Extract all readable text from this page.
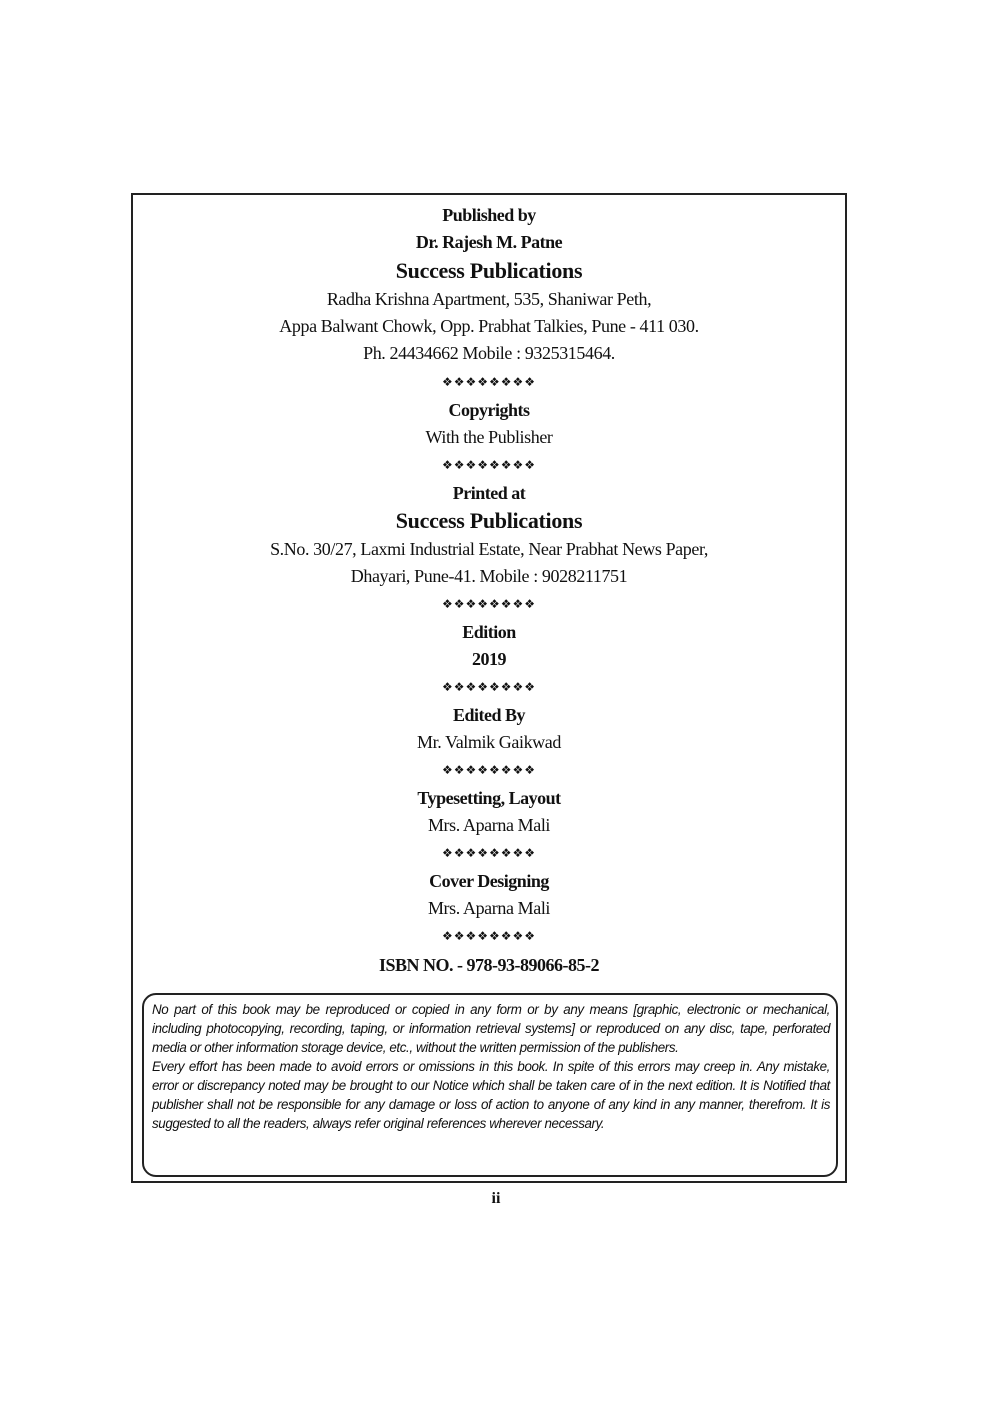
Published by
Dr. Rajesh M. Patne
Success Publications
Radha Krishna Apartment, 535, Shaniwar Peth,
Appa Balwant Chowk, Opp. Prabhat Talkies, Pune - 411 030.
Ph. 24434662 Mobile : 9325315464.
❖❖❖❖❖❖❖❖
Copyrights
With the Publisher
❖❖❖❖❖❖❖❖
Printed at
Success Publications
S.No. 30/27, Laxmi Industrial Estate, Near Prabhat News Paper,
Dhayari, Pune-41. Mobile : 9028211751
❖❖❖❖❖❖❖❖
Edition
2019
❖❖❖❖❖❖❖❖
Edited By
Mr. Valmik Gaikwad
❖❖❖❖❖❖❖❖
Typesetting, Layout
Mrs. Aparna Mali
❖❖❖❖❖❖❖❖
Cover Designing
Mrs. Aparna Mali
❖❖❖❖❖❖❖❖
ISBN NO. - 978-93-89066-85-2

No part of this book may be reproduced or copied in any form or by any means [graphic, electronic or mechanical, including photocopying, recording, taping, or information retrieval systems] or reproduced on any disc, tape, perforated media or other information storage device, etc., without the written permission of the publishers.

Every effort has been made to avoid errors or omissions in this book. In spite of this errors may creep in. Any mistake, error or discrepancy noted may be brought to our Notice which shall be taken care of in the next edition. It is Notified that publisher shall not be responsible for any damage or loss of action to anyone of any kind in any manner, therefrom. It is suggested to all the readers, always refer original references wherever necessary.

ii
